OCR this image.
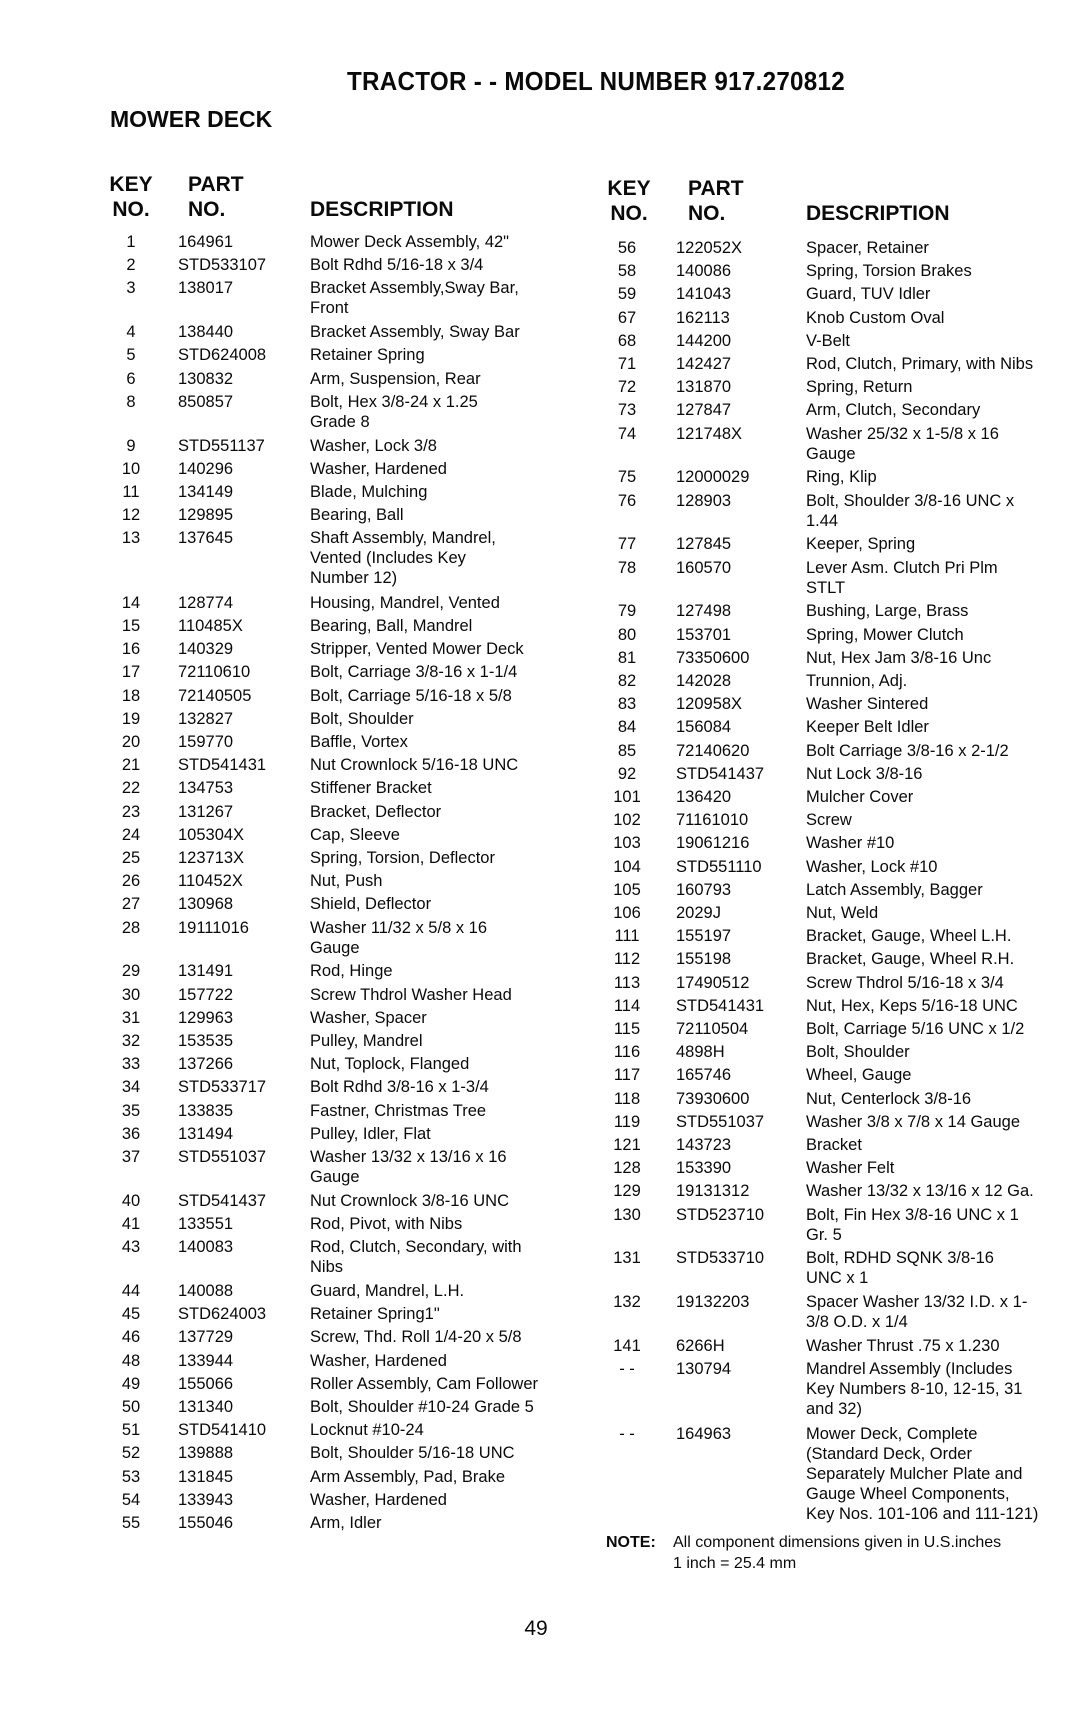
TRACTOR - - MODEL NUMBER 917.270812
MOWER DECK
KEY
NO.
PART
NO.	DESCRIPTION
1	164961	Mower Deck Assembly, 42"
2	STD533107	Bolt Rdhd 5/16-18 x 3/4
3	138017	Bracket Assembly,Sway Bar,
Front
4	138440	Bracket Assembly, Sway Bar
5	STD624008	Retainer Spring
6	130832	Arm, Suspension, Rear
8	850857	Bolt, Hex 3/8-24 x 1.25
Grade 8
9	STD551137	Washer, Lock 3/8
10	140296	Washer, Hardened
11	134149	Blade, Mulching
12	129895	Bearing, Ball
13	137645	Shaft Assembly, Mandrel,
Vented (Includes Key
Number 12)
14	128774	Housing, Mandrel, Vented
15	110485X	Bearing, Ball, Mandrel
16	140329	Stripper, Vented Mower Deck
17	72110610	Bolt, Carriage 3/8-16 x 1-1/4
18	72140505	Bolt, Carriage 5/16-18 x 5/8
19	132827	Bolt, Shoulder
20	159770	Baffle, Vortex
21	STD541431	Nut Crownlock 5/16-18 UNC
22	134753	Stiffener Bracket
23	131267	Bracket, Deflector
24	105304X	Cap, Sleeve
25	123713X	Spring, Torsion, Deflector
26	110452X	Nut, Push
27	130968	Shield, Deflector
28	19111016	Washer 11/32 x 5/8 x 16
Gauge
29	131491	Rod, Hinge
30	157722	Screw Thdrol Washer Head
31	129963	Washer, Spacer
32	153535	Pulley, Mandrel
33	137266	Nut, Toplock, Flanged
34	STD533717	Bolt Rdhd 3/8-16 x 1-3/4
35	133835	Fastner, Christmas Tree
36	131494	Pulley, Idler, Flat
37	STD551037	Washer 13/32 x 13/16 x 16
Gauge
40	STD541437	Nut Crownlock 3/8-16 UNC
41	133551	Rod, Pivot, with Nibs
43	140083	Rod, Clutch, Secondary, with
Nibs
44	140088	Guard, Mandrel, L.H.
45	STD624003	Retainer Spring1"
46	137729	Screw, Thd. Roll 1/4-20 x 5/8
48	133944	Washer, Hardened
49	155066	Roller Assembly, Cam Follower
50	131340	Bolt, Shoulder #10-24 Grade 5
51	STD541410	Locknut #10-24
52	139888	Bolt, Shoulder 5/16-18 UNC
53	131845	Arm Assembly, Pad, Brake
54	133943	Washer, Hardened
55	155046	Arm, Idler
KEY
NO.
PART
NO.	DESCRIPTION
56	122052X	Spacer, Retainer
58	140086	Spring, Torsion Brakes
59	141043	Guard, TUV Idler
67	162113	Knob Custom Oval
68	144200	V-Belt
71	142427	Rod, Clutch, Primary, with Nibs
72	131870	Spring, Return
73	127847	Arm, Clutch, Secondary
74	121748X	Washer 25/32 x 1-5/8 x 16
Gauge
75	12000029	Ring, Klip
76	128903	Bolt, Shoulder 3/8-16 UNC x
1.44
77	127845	Keeper, Spring
78	160570	Lever Asm. Clutch Pri Plm
STLT
79	127498	Bushing, Large, Brass
80	153701	Spring, Mower Clutch
81	73350600	Nut, Hex Jam 3/8-16 Unc
82	142028	Trunnion, Adj.
83	120958X	Washer Sintered
84	156084	Keeper Belt Idler
85	72140620	Bolt Carriage 3/8-16 x 2-1/2
92	STD541437	Nut Lock 3/8-16
101	136420	Mulcher Cover
102	71161010	Screw
103	19061216	Washer #10
104	STD551110	Washer, Lock #10
105	160793	Latch Assembly, Bagger
106	2029J	Nut, Weld
111	155197	Bracket, Gauge, Wheel L.H.
112	155198	Bracket, Gauge, Wheel R.H.
113	17490512	Screw Thdrol 5/16-18 x 3/4
114	STD541431	Nut, Hex, Keps 5/16-18 UNC
115	72110504	Bolt, Carriage 5/16 UNC x 1/2
116	4898H	Bolt, Shoulder
117	165746	Wheel, Gauge
118	73930600	Nut, Centerlock 3/8-16
119	STD551037	Washer 3/8 x 7/8 x 14 Gauge
121	143723	Bracket
128	153390	Washer Felt
129	19131312	Washer 13/32 x 13/16 x 12 Ga.
130	STD523710	Bolt, Fin Hex 3/8-16 UNC x 1
Gr. 5
131	STD533710	Bolt, RDHD SQNK 3/8-16
UNC x 1
132	19132203	Spacer Washer 13/32 I.D. x 1-
3/8 O.D. x 1/4
141	6266H	Washer Thrust .75 x 1.230
- -	130794	Mandrel Assembly (Includes
Key Numbers 8-10, 12-15, 31
and 32)
- -	164963	Mower Deck, Complete
(Standard Deck, Order
Separately Mulcher Plate and
Gauge Wheel Components,
Key Nos. 101-106 and 111-121)
NOTE: All component dimensions given in U.S.inches
1 inch = 25.4 mm
49
